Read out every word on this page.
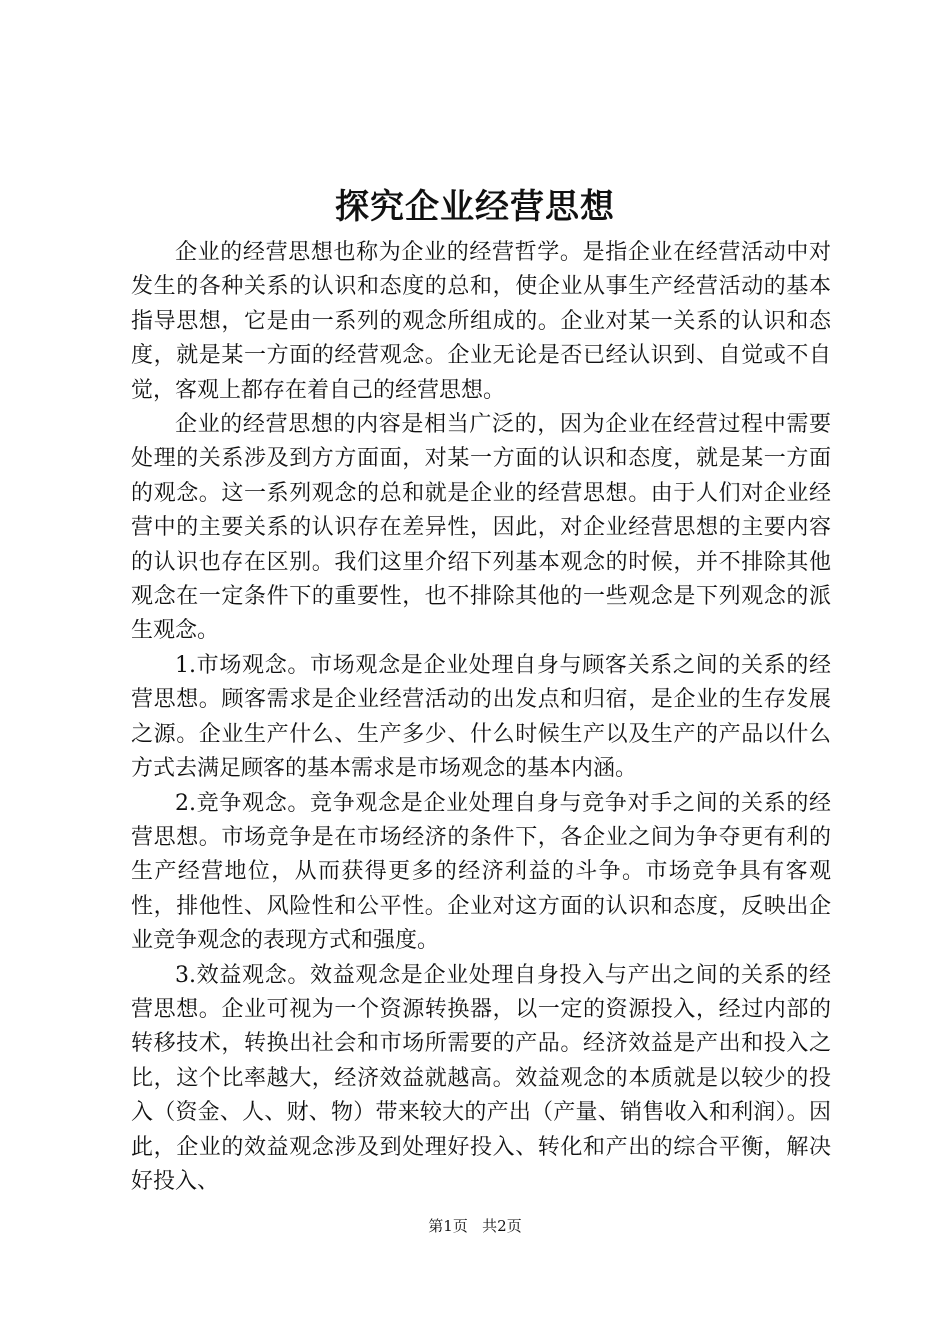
探究企业经营思想

企业的经营思想也称为企业的经营哲学。是指企业在经营活动中对发生的各种关系的认识和态度的总和，使企业从事生产经营活动的基本指导思想，它是由一系列的观念所组成的。企业对某一关系的认识和态度，就是某一方面的经营观念。企业无论是否已经认识到、自觉或不自觉，客观上都存在着自己的经营思想。

企业的经营思想的内容是相当广泛的，因为企业在经营过程中需要处理的关系涉及到方方面面，对某一方面的认识和态度，就是某一方面的观念。这一系列观念的总和就是企业的经营思想。由于人们对企业经营中的主要关系的认识存在差异性，因此，对企业经营思想的主要内容的认识也存在区别。我们这里介绍下列基本观念的时候，并不排除其他观念在一定条件下的重要性，也不排除其他的一些观念是下列观念的派生观念。

1.市场观念。市场观念是企业处理自身与顾客关系之间的关系的经营思想。顾客需求是企业经营活动的出发点和归宿，是企业的生存发展之源。企业生产什么、生产多少、什么时候生产以及生产的产品以什么方式去满足顾客的基本需求是市场观念的基本内涵。

2.竞争观念。竞争观念是企业处理自身与竞争对手之间的关系的经营思想。市场竞争是在市场经济的条件下，各企业之间为争夺更有利的生产经营地位，从而获得更多的经济利益的斗争。市场竞争具有客观性，排他性、风险性和公平性。企业对这方面的认识和态度，反映出企业竞争观念的表现方式和强度。

3.效益观念。效益观念是企业处理自身投入与产出之间的关系的经营思想。企业可视为一个资源转换器，以一定的资源投入，经过内部的转移技术，转换出社会和市场所需要的产品。经济效益是产出和投入之比，这个比率越大，经济效益就越高。效益观念的本质就是以较少的投入（资金、人、财、物）带来较大的产出（产量、销售收入和利润）。因此，企业的效益观念涉及到处理好投入、转化和产出的综合平衡，解决好投入、

第1页 共2页
